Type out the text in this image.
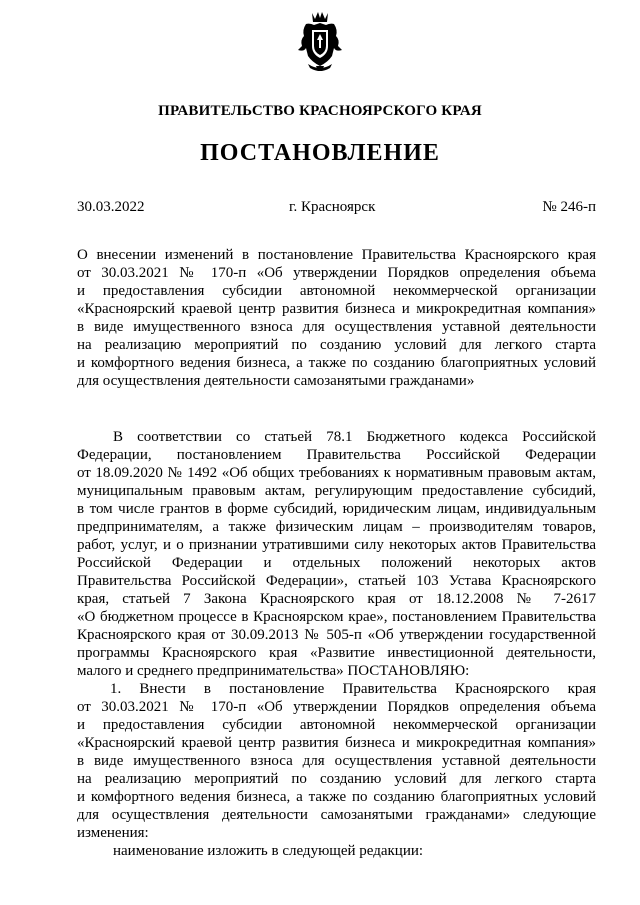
ПРАВИТЕЛЬСТВО КРАСНОЯРСКОГО КРАЯ
ПОСТАНОВЛЕНИЕ
30.03.2022	г. Красноярск	№ 246-п
О внесении изменений в постановление Правительства Красноярского края
от 30.03.2021 № 170-п «Об утверждении Порядков определения объема
и предоставления субсидии автономной некоммерческой организации
«Красноярский краевой центр развития бизнеса и микрокредитная компания»
в виде имущественного взноса для осуществления уставной деятельности
на реализацию мероприятий по созданию условий для легкого старта
и комфортного ведения бизнеса, а также по созданию благоприятных условий
для осуществления деятельности самозанятыми гражданами»
В соответствии со статьей 78.1 Бюджетного кодекса Российской
Федерации, постановлением Правительства Российской Федерации
от 18.09.2020 № 1492 «Об общих требованиях к нормативным правовым актам,
муниципальным правовым актам, регулирующим предоставление субсидий,
в том числе грантов в форме субсидий, юридическим лицам, индивидуальным
предпринимателям, а также физическим лицам – производителям товаров,
работ, услуг, и о признании утратившими силу некоторых актов Правительства
Российской Федерации и отдельных положений некоторых актов
Правительства Российской Федерации», статьей 103 Устава Красноярского
края, статьей 7 Закона Красноярского края от 18.12.2008 № 7-2617
«О бюджетном процессе в Красноярском крае», постановлением Правительства
Красноярского края от 30.09.2013 № 505-п «Об утверждении государственной
программы Красноярского края «Развитие инвестиционной деятельности,
малого и среднего предпринимательства» ПОСТАНОВЛЯЮ:
1. Внести в постановление Правительства Красноярского края
от 30.03.2021 № 170-п «Об утверждении Порядков определения объема
и предоставления субсидии автономной некоммерческой организации
«Красноярский краевой центр развития бизнеса и микрокредитная компания»
в виде имущественного взноса для осуществления уставной деятельности
на реализацию мероприятий по созданию условий для легкого старта
и комфортного ведения бизнеса, а также по созданию благоприятных условий
для осуществления деятельности самозанятыми гражданами» следующие
изменения:
наименование изложить в следующей редакции:
